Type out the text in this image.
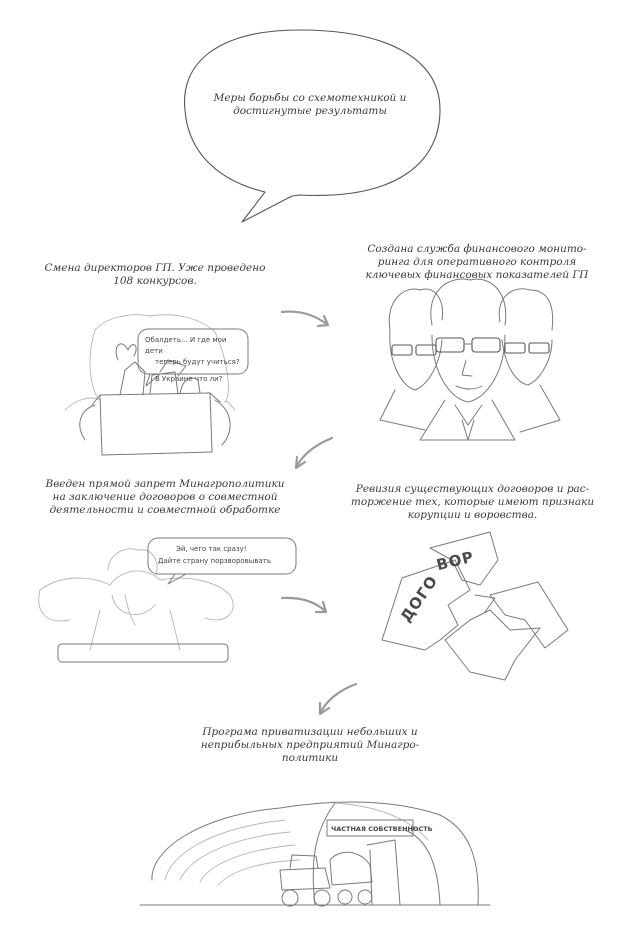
ДОГО
ВОР
ЧАСТНАЯ СОБСТВЕННОСТЬ
Меры борьбы со схемотехникой и
достигнутые результаты
Смена директоров ГП. Уже проведено
108 конкурсов.
Создана служба финансового монито-
ринга для оперативного контроля
ключевых финансовых показателей ГП
Введен прямой запрет Минагрополитики
на заключение договоров о совместной
деятельности и совместной обработке
Ревизия существующих договоров и рас-
торжение тех, которые имеют признаки
корупции и воровства.
Програма приватизации небольших и
неприбыльных предприятий Минагро-
политики
Обалдеть... И где мои дети
теперь будут учиться?
В Украине что ли?
Эй, чего так сразу!
Дайте страну порзворовывать
